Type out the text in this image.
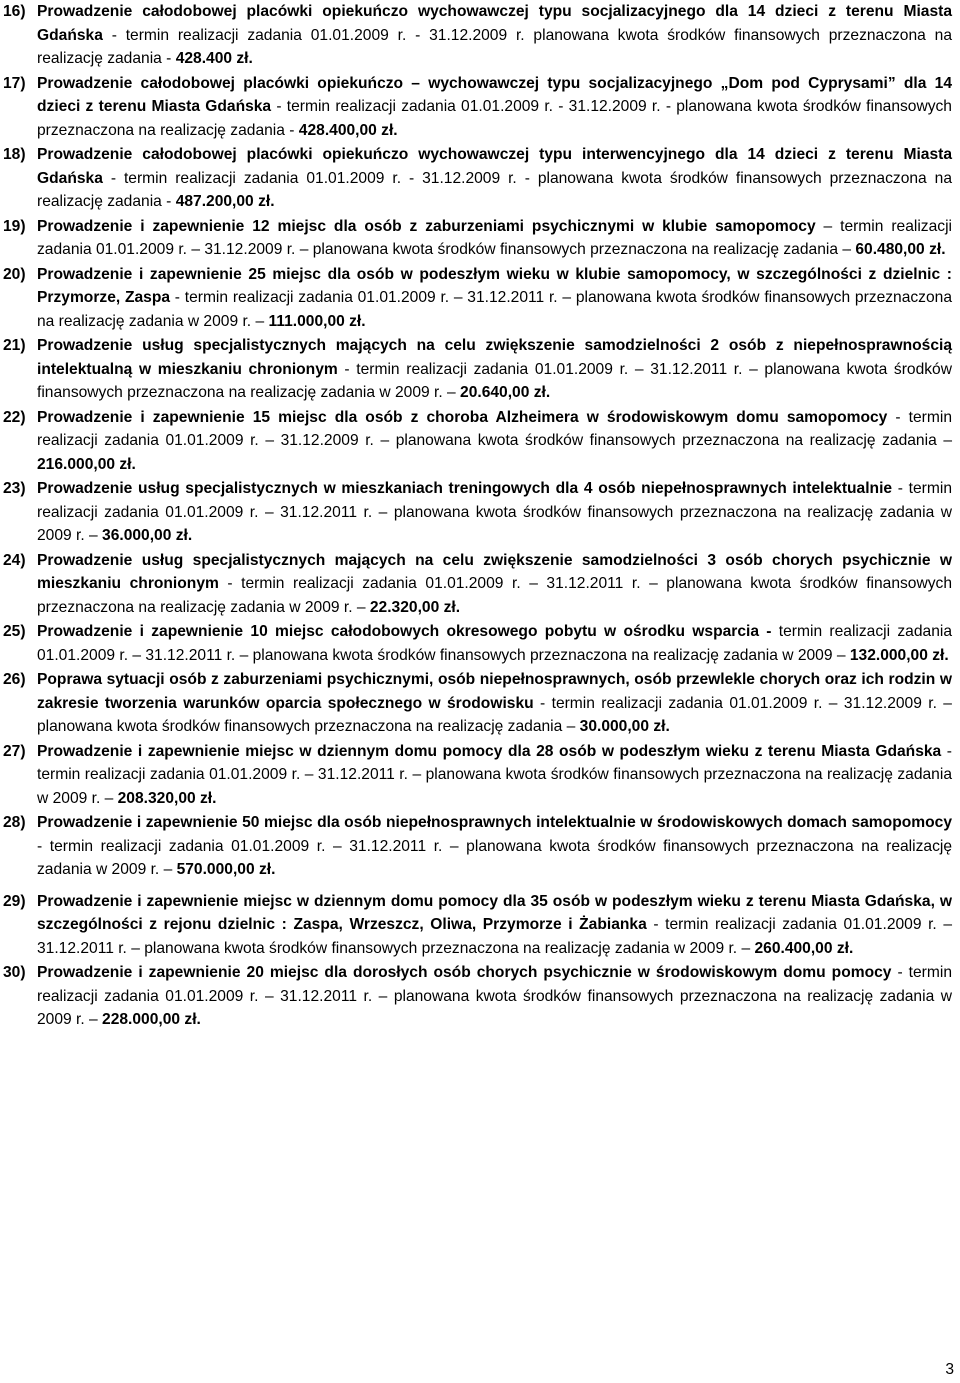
16) Prowadzenie całodobowej placówki opiekuńczo wychowawczej typu socjalizacyjnego dla 14 dzieci z terenu Miasta Gdańska - termin realizacji zadania 01.01.2009 r. - 31.12.2009 r. planowana kwota środków finansowych przeznaczona na realizację zadania - 428.400 zł.
17) Prowadzenie całodobowej placówki opiekuńczo – wychowawczej typu socjalizacyjnego „Dom pod Cyprysami” dla 14 dzieci z terenu Miasta Gdańska - termin realizacji zadania 01.01.2009 r. - 31.12.2009 r. - planowana kwota środków finansowych przeznaczona na realizację zadania - 428.400,00 zł.
18) Prowadzenie całodobowej placówki opiekuńczo wychowawczej typu interwencyjnego dla 14 dzieci z terenu Miasta Gdańska - termin realizacji zadania 01.01.2009 r. - 31.12.2009 r. - planowana kwota środków finansowych przeznaczona na realizację zadania - 487.200,00 zł.
19) Prowadzenie i zapewnienie 12 miejsc dla osób z zaburzeniami psychicznymi w klubie samopomocy – termin realizacji zadania 01.01.2009 r. – 31.12.2009 r. – planowana kwota środków finansowych przeznaczona na realizację zadania – 60.480,00 zł.
20) Prowadzenie i zapewnienie 25 miejsc dla osób w podeszłym wieku w klubie samopomocy, w szczególności z dzielnic : Przymorze, Zaspa - termin realizacji zadania 01.01.2009 r. – 31.12.2011 r. – planowana kwota środków finansowych przeznaczona na realizację zadania w 2009 r. – 111.000,00 zł.
21) Prowadzenie usług specjalistycznych mających na celu zwiększenie samodzielności 2 osób z niepełnosprawnością intelektualną w mieszkaniu chronionym - termin realizacji zadania 01.01.2009 r. – 31.12.2011 r. – planowana kwota środków finansowych przeznaczona na realizację zadania w 2009 r. – 20.640,00 zł.
22) Prowadzenie i zapewnienie 15 miejsc dla osób z choroba Alzheimera w środowiskowym domu samopomocy - termin realizacji zadania 01.01.2009 r. – 31.12.2009 r. – planowana kwota środków finansowych przeznaczona na realizację zadania – 216.000,00 zł.
23) Prowadzenie usług specjalistycznych w mieszkaniach treningowych dla 4 osób niepełnosprawnych intelektualnie - termin realizacji zadania 01.01.2009 r. – 31.12.2011 r. – planowana kwota środków finansowych przeznaczona na realizację zadania w 2009 r. – 36.000,00 zł.
24) Prowadzenie usług specjalistycznych mających na celu zwiększenie samodzielności 3 osób chorych psychicznie w mieszkaniu chronionym - termin realizacji zadania 01.01.2009 r. – 31.12.2011 r. – planowana kwota środków finansowych przeznaczona na realizację zadania w 2009 r. – 22.320,00 zł.
25) Prowadzenie i zapewnienie 10 miejsc całodobowych okresowego pobytu w ośrodku wsparcia - termin realizacji zadania 01.01.2009 r. – 31.12.2011 r. – planowana kwota środków finansowych przeznaczona na realizację zadania w 2009 – 132.000,00 zł.
26) Poprawa sytuacji osób z zaburzeniami psychicznymi, osób niepełnosprawnych, osób przewlekle chorych oraz ich rodzin w zakresie tworzenia warunków oparcia społecznego w środowisku - termin realizacji zadania 01.01.2009 r. – 31.12.2009 r. – planowana kwota środków finansowych przeznaczona na realizację zadania – 30.000,00 zł.
27) Prowadzenie i zapewnienie miejsc w dziennym domu pomocy dla 28 osób w podeszłym wieku z terenu Miasta Gdańska - termin realizacji zadania 01.01.2009 r. – 31.12.2011 r. – planowana kwota środków finansowych przeznaczona na realizację zadania w 2009 r. – 208.320,00 zł.
28) Prowadzenie i zapewnienie 50 miejsc dla osób niepełnosprawnych intelektualnie w środowiskowych domach samopomocy - termin realizacji zadania 01.01.2009 r. – 31.12.2011 r. – planowana kwota środków finansowych przeznaczona na realizację zadania w 2009 r. – 570.000,00 zł.
29) Prowadzenie i zapewnienie miejsc w dziennym domu pomocy dla 35 osób w podeszłym wieku z terenu Miasta Gdańska, w szczególności z rejonu dzielnic : Zaspa, Wrzeszcz, Oliwa, Przymorze i Żabianka - termin realizacji zadania 01.01.2009 r. – 31.12.2011 r. – planowana kwota środków finansowych przeznaczona na realizację zadania w 2009 r. – 260.400,00 zł.
30) Prowadzenie i zapewnienie 20 miejsc dla dorosłych osób chorych psychicznie w środowiskowym domu pomocy - termin realizacji zadania 01.01.2009 r. – 31.12.2011 r. – planowana kwota środków finansowych przeznaczona na realizację zadania w 2009 r. – 228.000,00 zł.
3
